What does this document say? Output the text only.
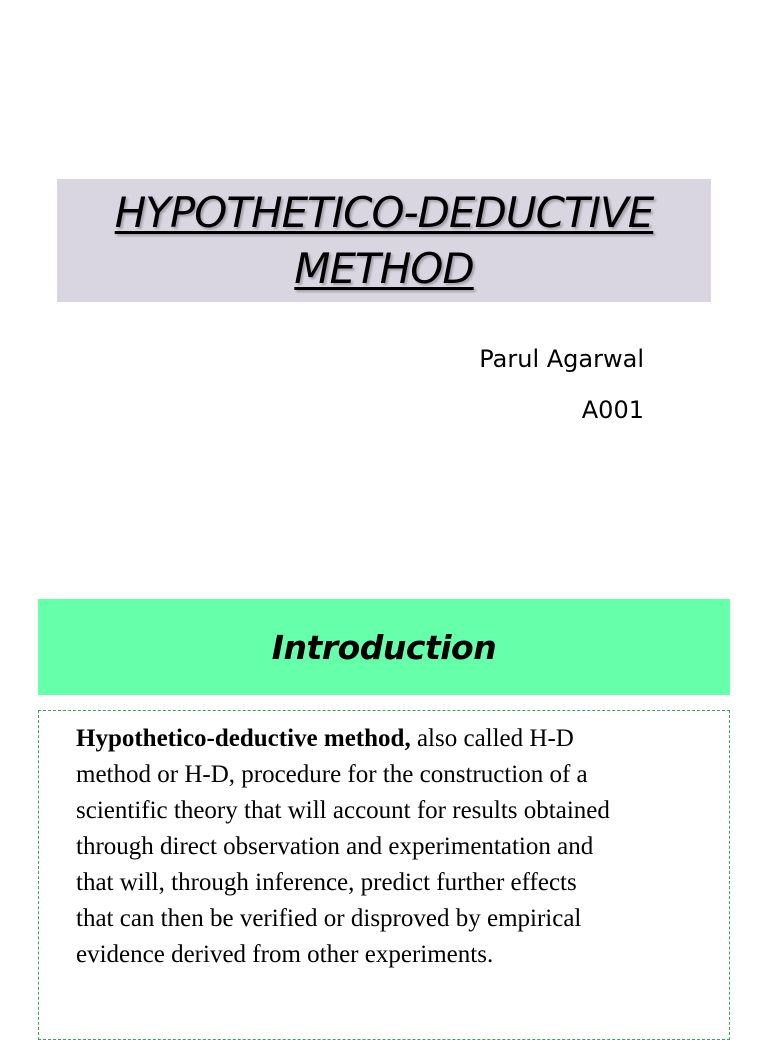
HYPOTHETICO-DEDUCTIVE
METHOD
Parul Agarwal
A001
Introduction
Hypothetico-deductive method, also called H-D
method or H-D, procedure for the construction of a
scientific theory that will account for results obtained
through direct observation and experimentation and
that will, through inference, predict further effects
that can then be verified or disproved by empirical
evidence derived from other experiments.
